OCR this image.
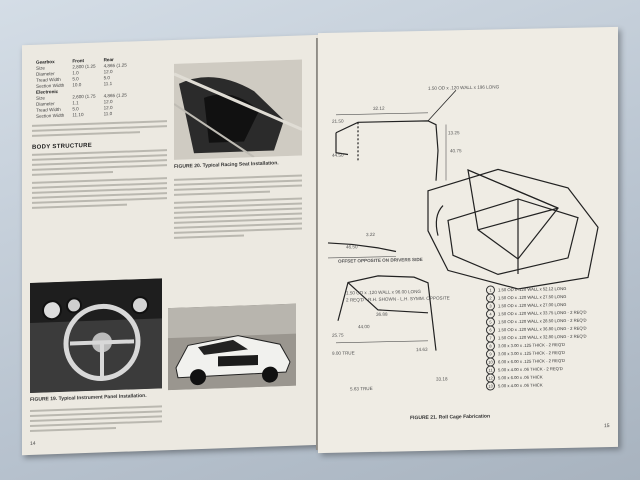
Gearbox	Front	Rear
Size	2,800 (1.25	4,865 (1.25
Diameter	1.0	12.0
Tread Width	5.0	5.0
Section Width	10.0	11.1
Electronic		
Size	2,600 (1.75	4,865 (1.25
Diameter	1.1	12.0
Tread Width	5.0	12.0
Section Width	11.10	11.0
BODY STRUCTURE
FIGURE 20. Typical Racing Seat Installation.
FIGURE 19. Typical Instrument Panel Installation.
14
1.50 OD x .120 WALL x 196 LONG
32.12
21.50
40.75
13.25
44.50
3.22
46.50
OFFSET OPPOSITE ON DRIVERS SIDE
1.50 OD x .120 WALL x 96.00 LONG
2 REQ'D - R.H. SHOWN - L.H. SYMM. OPPOSITE
36.88
44.00
25.75
14.63
33.18
9.00 TRUE
5.63 TRUE
1	1.50 OD x .120 WALL x 52.12 LONG
2	1.50 OD x .120 WALL x 27.50 LONG
3	1.50 OD x .120 WALL x 27.00 LONG
4	1.50 OD x .120 WALL x 33.75 LONG - 2 REQ'D
5	1.50 OD x .120 WALL x 28.50 LONG - 2 REQ'D
6	1.50 OD x .120 WALL x 36.80 LONG - 2 REQ'D
7	1.50 OD x .120 WALL x 32.80 LONG - 2 REQ'D
8	3.00 x 3.00 x .125 THICK - 2 REQ'D
9	3.00 x 3.00 x .125 THICK - 2 REQ'D
10	6.00 x 6.00 x .125 THICK - 2 REQ'D
11	5.00 x 4.00 x .06 THICK - 2 REQ'D
12	5.00 x 6.00 x .06 THICK
13	5.00 x 4.00 x .06 THICK
FIGURE 21. Roll Cage Fabrication
15
